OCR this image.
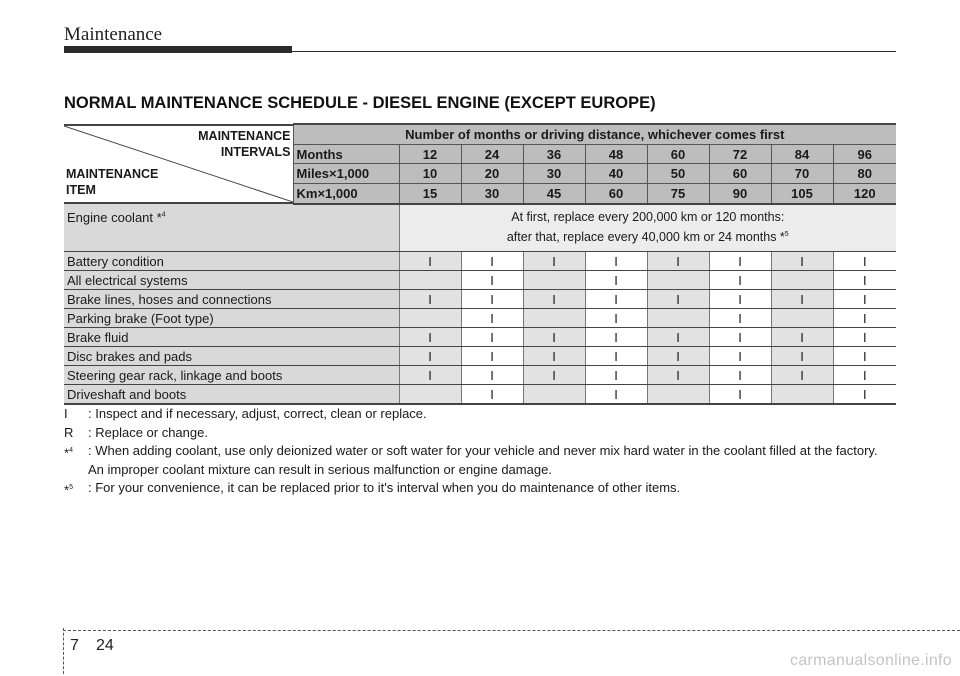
Maintenance
NORMAL MAINTENANCE SCHEDULE - DIESEL ENGINE (EXCEPT EUROPE)
MAINTENANCE
INTERVALS
MAINTENANCE
ITEM	Number of months or driving distance, whichever comes first								
	Months	12	24	36	48	60	72	84	96
	Miles×1,000	10	20	30	40	50	60	70	80
	Km×1,000	15	30	45	60	75	90	105	120
Engine coolant *$^4$		At first, replace every 200,000 km or 120 months:
after that, replace every 40,000 km or 24 months *$^5$

Battery condition		I	I	I	I	I	I	I	I
All electrical systems			I		I		I		I
Brake lines, hoses and connections		I	I	I	I	I	I	I	I
Parking brake (Foot type)			I		I		I		I
Brake fluid		I	I	I	I	I	I	I	I
Disc brakes and pads		I	I	I	I	I	I	I	I
Steering gear rack, linkage and boots		I	I	I	I	I	I	I	I
Driveshaft and boots			I		I		I		I
I	: Inspect and if necessary, adjust, correct, clean or replace.
R	: Replace or change.
*$^4$	: When adding coolant, use only deionized water or soft water for your vehicle and never mix hard water in the coolant filled at the factory. An improper coolant mixture can result in serious malfunction or engine damage.
*$^5$	: For your convenience, it can be replaced prior to it's interval when you do maintenance of other items.
7 24
carmanualsonline.info
